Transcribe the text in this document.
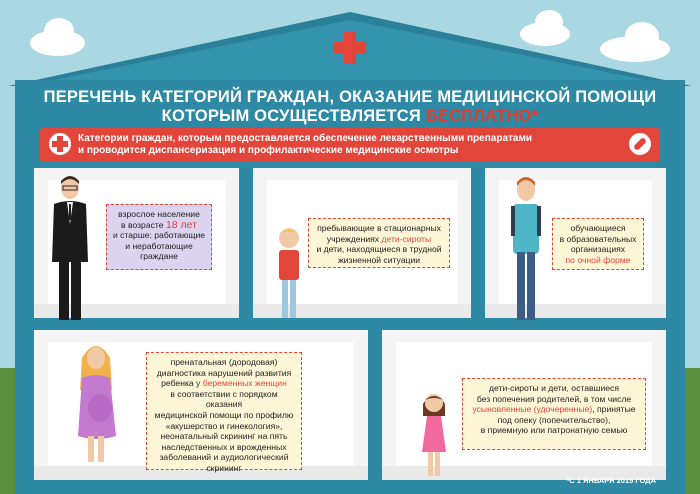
ПЕРЕЧЕНЬ КАТЕГОРИЙ ГРАЖДАН, ОКАЗАНИЕ МЕДИЦИНСКОЙ ПОМОЩИ
КОТОРЫМ ОСУЩЕСТВЛЯЕТСЯ БЕСПЛАТНО*
Категории граждан, которым предоставляется обеспечение лекарственными препаратами
и проводится диспансеризация и профилактические медицинские осмотры
взрослое население
в возрасте 18 лет
и старше: работающие
и неработающие
граждане
пребывающие в стационарных
учреждениях дети-сироты
и дети, находящиеся в трудной
жизненной ситуации
обучающиеся
в образовательных
организациях
по очной форме
пренатальная (дородовая)
диагностика нарушений развития
ребенка у беременных женщин
в соответствии с порядком оказания
медицинской помощи по профилю
«акушерство и гинекология»,
неонатальный скрининг на пять
наследственных и врожденных
заболеваний и аудиологический
скрининг
дети-сироты и дети, оставшиеся
без попечения родителей, в том числе
усыновленные (удочеренные), принятые под опеку (попечительство),
в приемную или патронатную семью
*С 1 ЯНВАРЯ 2015 ГОДА
